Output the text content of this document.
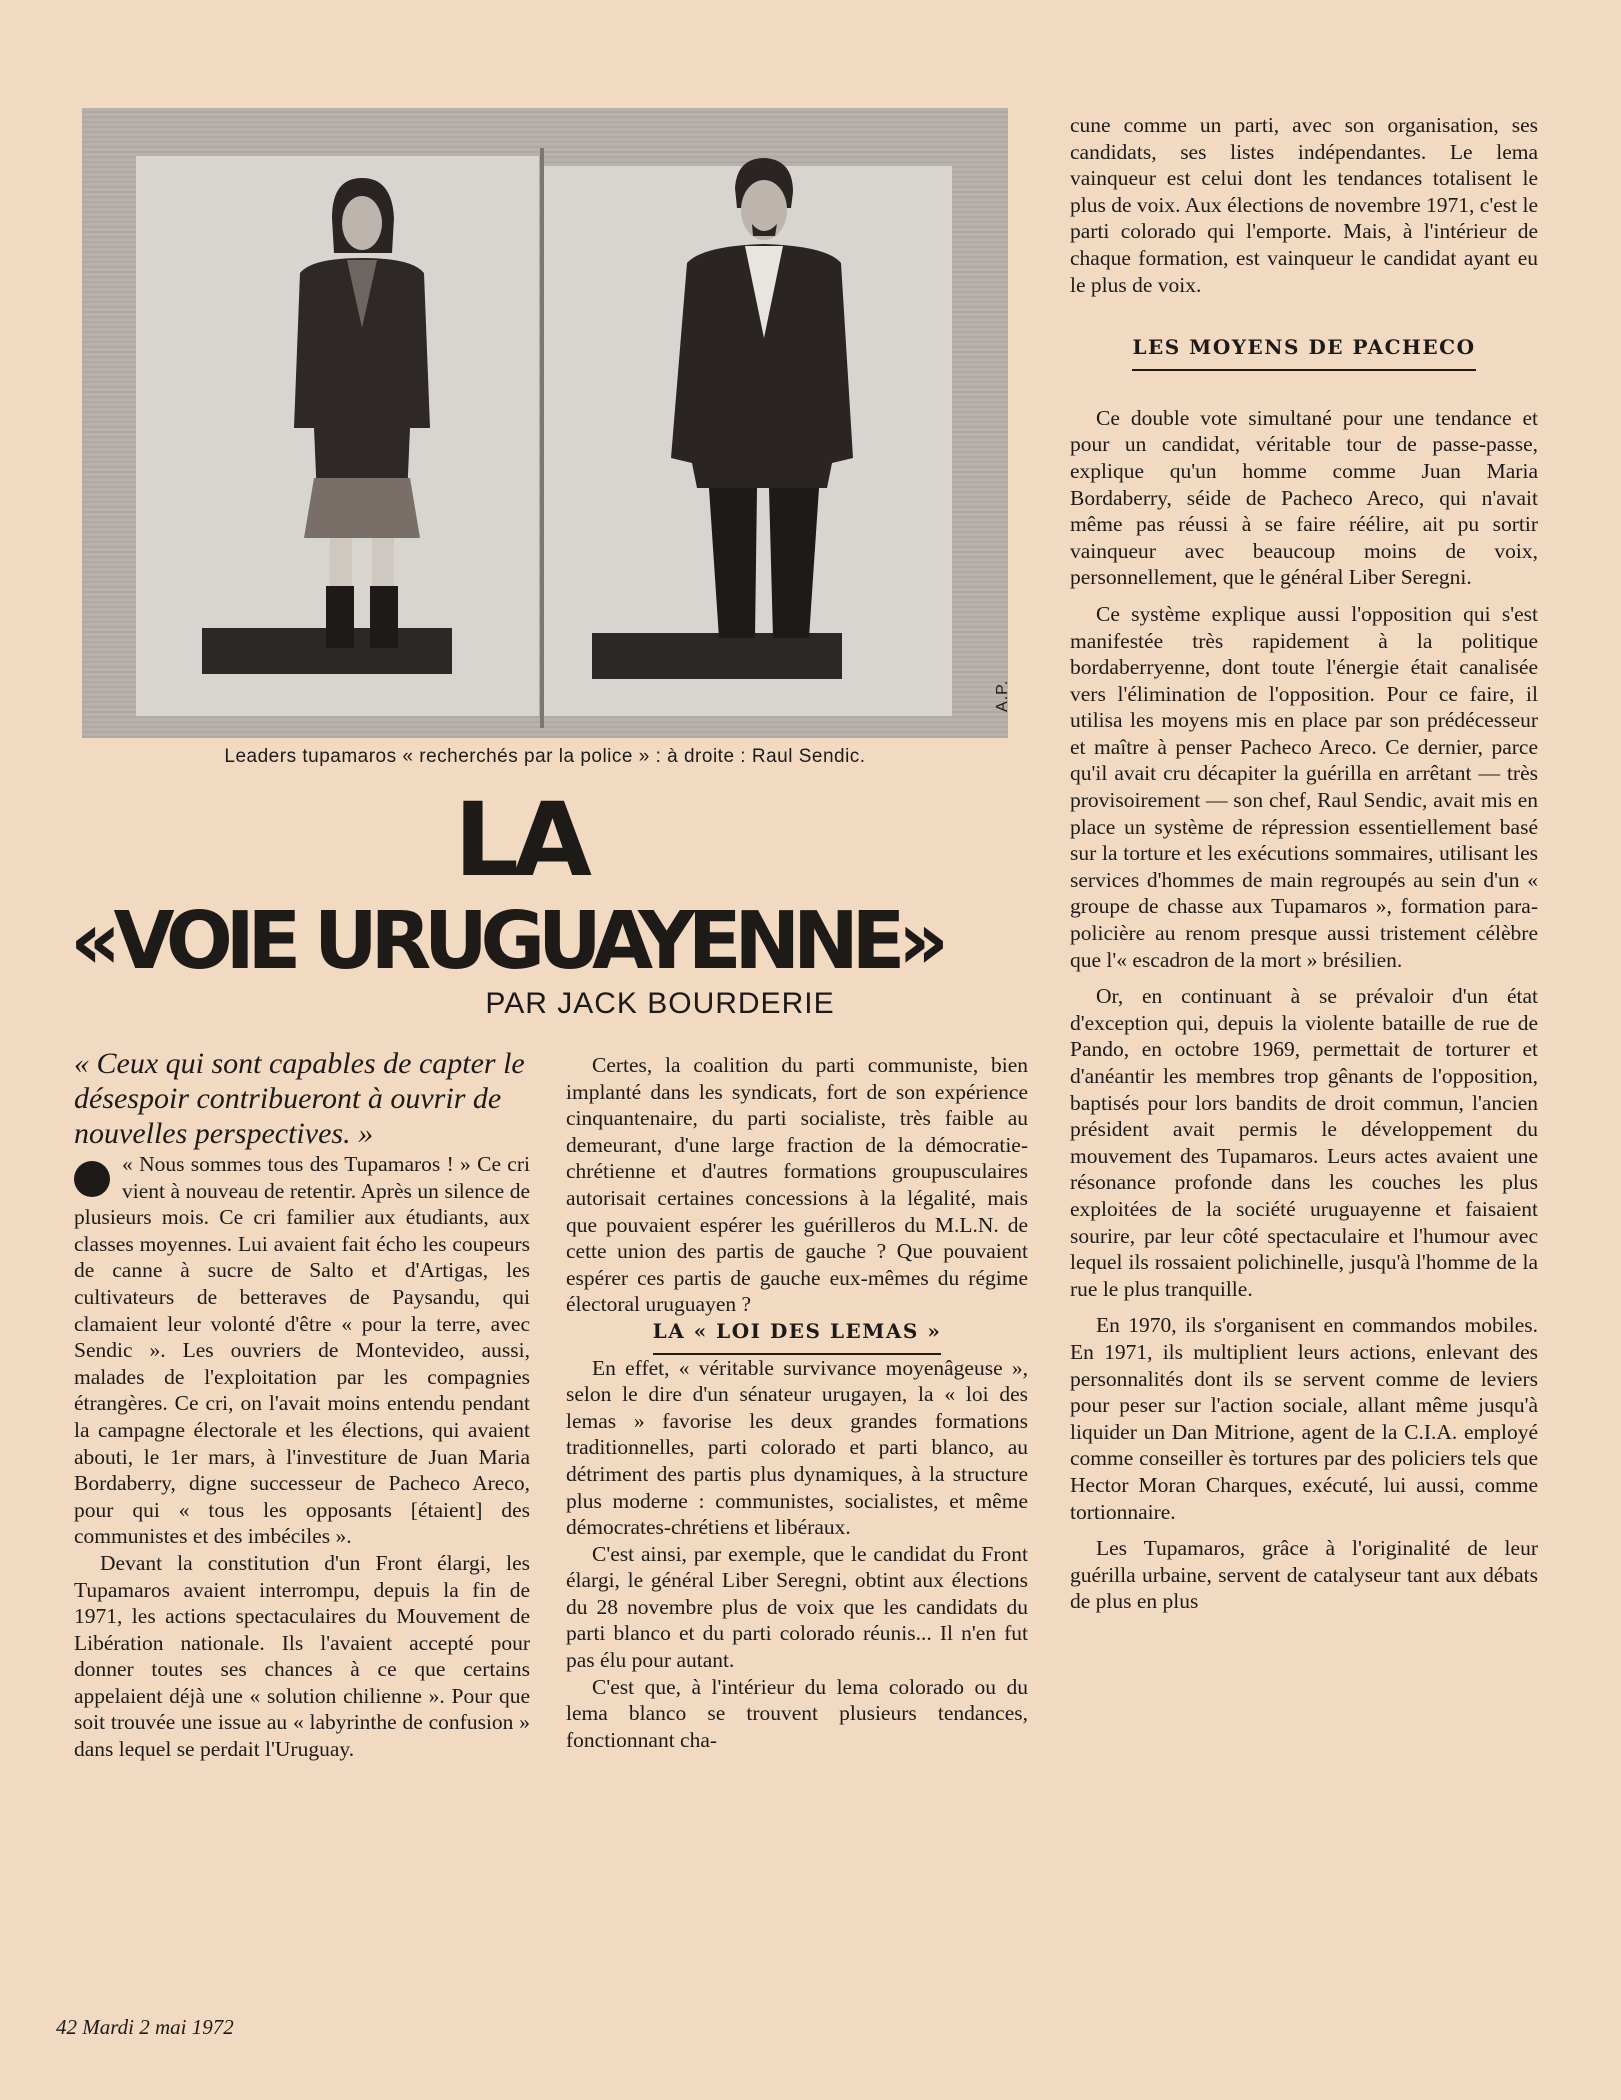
A.P.
Leaders tupamaros « recherchés par la police » : à droite : Raul Sendic.
LA
«VOIE URUGUAYENNE»
PAR JACK BOURDERIE

« Ceux qui sont capables de capter le désespoir contribueront à ouvrir de nouvelles perspectives. »

« Nous sommes tous des Tupamaros ! » Ce cri vient à nouveau de retentir. Après un silence de plusieurs mois. Ce cri familier aux étudiants, aux classes moyennes. Lui avaient fait écho les coupeurs de canne à sucre de Salto et d'Artigas, les cultivateurs de betteraves de Paysandu, qui clamaient leur volonté d'être « pour la terre, avec Sendic ». Les ouvriers de Montevideo, aussi, malades de l'exploitation par les compagnies étrangères. Ce cri, on l'avait moins entendu pendant la campagne électorale et les élections, qui avaient abouti, le 1er mars, à l'investiture de Juan Maria Bordaberry, digne successeur de Pacheco Areco, pour qui « tous les opposants [étaient] des communistes et des imbéciles ».

Devant la constitution d'un Front élargi, les Tupamaros avaient interrompu, depuis la fin de 1971, les actions spectaculaires du Mouvement de Libération nationale. Ils l'avaient accepté pour donner toutes ses chances à ce que certains appelaient déjà une « solution chilienne ». Pour que soit trouvée une issue au « labyrinthe de confusion » dans lequel se perdait l'Uruguay.

Certes, la coalition du parti communiste, bien implanté dans les syndicats, fort de son expérience cinquantenaire, du parti socialiste, très faible au demeurant, d'une large fraction de la démocratie-chrétienne et d'autres formations groupusculaires autorisait certaines concessions à la légalité, mais que pouvaient espérer les guérilleros du M.L.N. de cette union des partis de gauche ? Que pouvaient espérer ces partis de gauche eux-mêmes du régime électoral uruguayen ?

LA « LOI DES LEMAS »

En effet, « véritable survivance moyenâgeuse », selon le dire d'un sénateur urugayen, la « loi des lemas » favorise les deux grandes formations traditionnelles, parti colorado et parti blanco, au détriment des partis plus dynamiques, à la structure plus moderne : communistes, socialistes, et même démocrates-chrétiens et libéraux.

C'est ainsi, par exemple, que le candidat du Front élargi, le général Liber Seregni, obtint aux élections du 28 novembre plus de voix que les candidats du parti blanco et du parti colorado réunis... Il n'en fut pas élu pour autant.

C'est que, à l'intérieur du lema colorado ou du lema blanco se trouvent plusieurs tendances, fonctionnant cha-

cune comme un parti, avec son organisation, ses candidats, ses listes indépendantes. Le lema vainqueur est celui dont les tendances totalisent le plus de voix. Aux élections de novembre 1971, c'est le parti colorado qui l'emporte. Mais, à l'intérieur de chaque formation, est vainqueur le candidat ayant eu le plus de voix.

LES MOYENS DE PACHECO

Ce double vote simultané pour une tendance et pour un candidat, véritable tour de passe-passe, explique qu'un homme comme Juan Maria Bordaberry, séide de Pacheco Areco, qui n'avait même pas réussi à se faire réélire, ait pu sortir vainqueur avec beaucoup moins de voix, personnellement, que le général Liber Seregni.

Ce système explique aussi l'opposition qui s'est manifestée très rapidement à la politique bordaberryenne, dont toute l'énergie était canalisée vers l'élimination de l'opposition. Pour ce faire, il utilisa les moyens mis en place par son prédécesseur et maître à penser Pacheco Areco. Ce dernier, parce qu'il avait cru décapiter la guérilla en arrêtant — très provisoirement — son chef, Raul Sendic, avait mis en place un système de répression essentiellement basé sur la torture et les exécutions sommaires, utilisant les services d'hommes de main regroupés au sein d'un « groupe de chasse aux Tupamaros », formation para-policière au renom presque aussi tristement célèbre que l'« escadron de la mort » brésilien.

Or, en continuant à se prévaloir d'un état d'exception qui, depuis la violente bataille de rue de Pando, en octobre 1969, permettait de torturer et d'anéantir les membres trop gênants de l'opposition, baptisés pour lors bandits de droit commun, l'ancien président avait permis le développement du mouvement des Tupamaros. Leurs actes avaient une résonance profonde dans les couches les plus exploitées de la société uruguayenne et faisaient sourire, par leur côté spectaculaire et l'humour avec lequel ils rossaient polichinelle, jusqu'à l'homme de la rue le plus tranquille.

En 1970, ils s'organisent en commandos mobiles. En 1971, ils multiplient leurs actions, enlevant des personnalités dont ils se servent comme de leviers pour peser sur l'action sociale, allant même jusqu'à liquider un Dan Mitrione, agent de la C.I.A. employé comme conseiller ès tortures par des policiers tels que Hector Moran Charques, exécuté, lui aussi, comme tortionnaire.

Les Tupamaros, grâce à l'originalité de leur guérilla urbaine, servent de catalyseur tant aux débats de plus en plus

42 Mardi 2 mai 1972
